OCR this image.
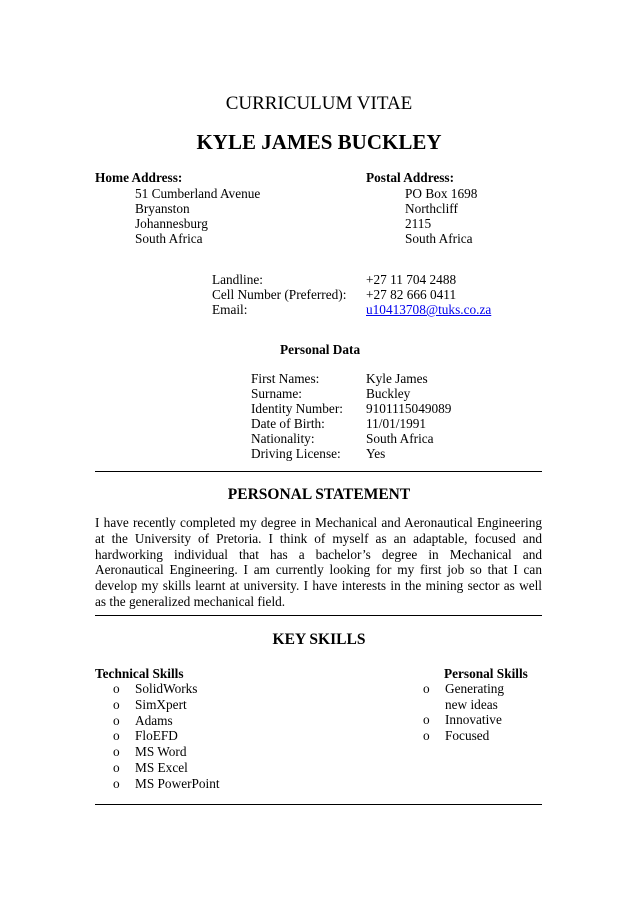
CURRICULUM VITAE
KYLE JAMES BUCKLEY
Home Address:
51 Cumberland Avenue
Bryanston
Johannesburg
South Africa
Postal Address:
PO Box 1698
Northcliff
2115
South Africa
Landline:	+27 11 704 2488
Cell Number (Preferred): +27 82 666 0411
Email:	u10413708@tuks.co.za
Personal Data
First Names:	Kyle James
Surname:	Buckley
Identity Number: 9101115049089
Date of Birth:	11/01/1991
Nationality:	South Africa
Driving License: Yes
PERSONAL STATEMENT
I have recently completed my degree in Mechanical and Aeronautical Engineering at the University of Pretoria. I think of myself as an adaptable, focused and hardworking individual that has a bachelor’s degree in Mechanical and Aeronautical Engineering. I am currently looking for my first job so that I can develop my skills learnt at university. I have interests in the mining sector as well as the generalized mechanical field.
KEY SKILLS
Technical Skills
o SolidWorks
o SimXpert
o Adams
o FloEFD
o MS Word
o MS Excel
o MS PowerPoint
Personal Skills
o Generating new ideas
o Innovative
o Focused
